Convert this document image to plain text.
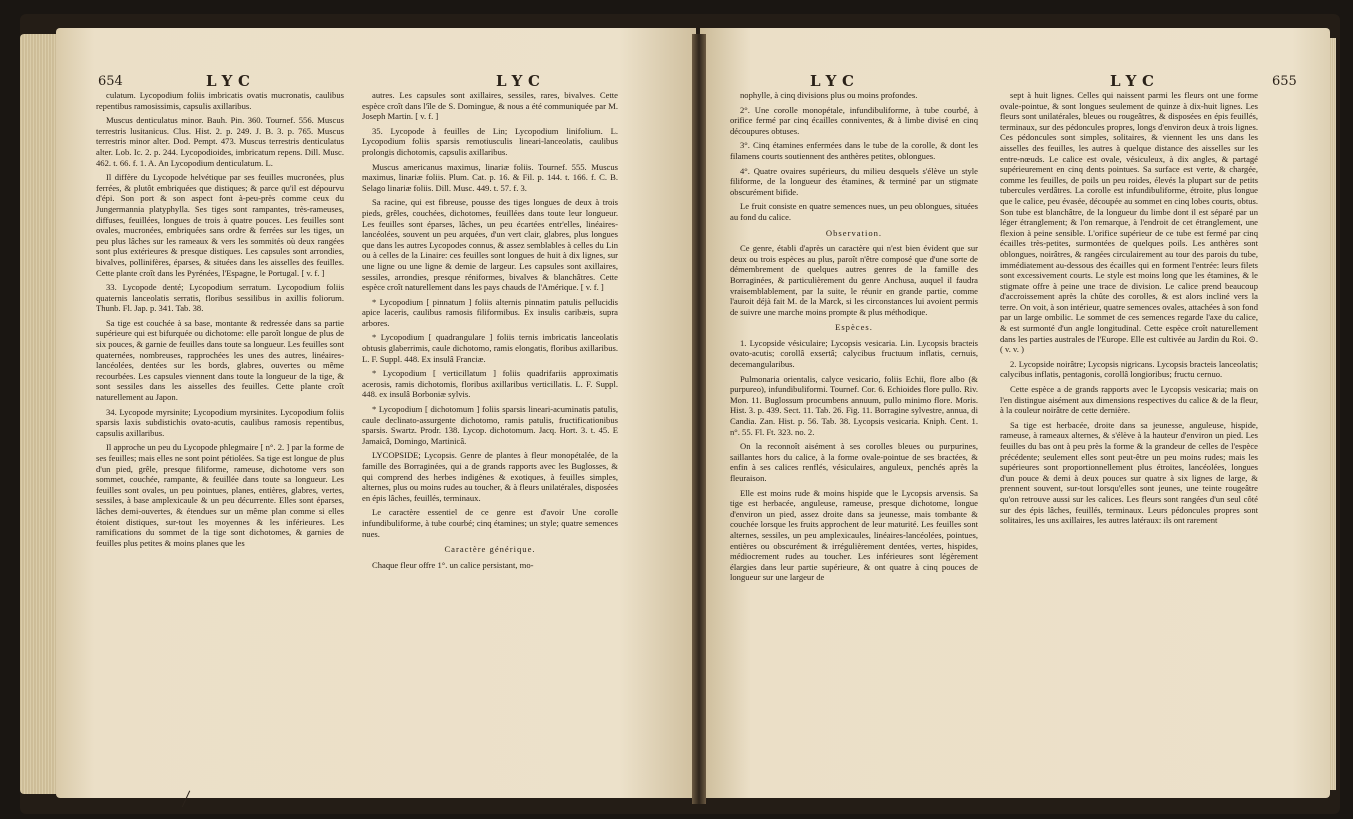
654	LYC	LYC

culatum. Lycopodium foliis imbricatis ovatis mucronatis, caulibus repentibus ramosissimis, capsulis axillaribus.

Muscus denticulatus minor. Bauh. Pin. 360. Tournef. 556. Muscus terrestris lusitanicus. Clus. Hist. 2. p. 249. J. B. 3. p. 765. Muscus terrestris minor alter. Dod. Pempt. 473. Muscus terrestris denticulatus alter. Lob. Ic. 2. p. 244. Lycopodioides, imbricatum repens. Dill. Musc. 462. t. 66. f. 1. A. An Lycopodium denticulatum. L.

Il diffère du Lycopode helvétique par ses feuilles mucronées, plus ferrées, & plutôt embriquées que distiques; & parce qu'il est dépourvu d'épi. Son port & son aspect font à-peu-près comme ceux du Jungermannia platyphylla. Ses tiges sont rampantes, très-rameuses, diffuses, feuillées, longues de trois à quatre pouces. Les feuilles sont ovales, mucronées, embriquées sans ordre & ferrées sur les tiges, un peu plus lâches sur les rameaux & vers les sommités où deux rangées sont plus extérieures & presque distiques. Les capsules sont arrondies, bivalves, pollinifères, éparses, & situées dans les aisselles des feuilles. Cette plante croît dans les Pyrénées, l'Espagne, le Portugal. [ v. f. ]

33. Lycopode denté; Lycopodium serratum. Lycopodium foliis quaternis lanceolatis serratis, floribus sessilibus in axillis foliorum. Thunb. Fl. Jap. p. 341. Tab. 38.

Sa tige est couchée à sa base, montante & redressée dans sa partie supérieure qui est bifurquée ou dichotome: elle paroît longue de plus de six pouces, & garnie de feuilles dans toute sa longueur. Les feuilles sont quaternées, nombreuses, rapprochées les unes des autres, linéaires-lancéolées, dentées sur les bords, glabres, ouvertes ou même recourbées. Les capsules viennent dans toute la longueur de la tige, & sont sessiles dans les aisselles des feuilles. Cette plante croît naturellement au Japon.

34. Lycopode myrsinite; Lycopodium myrsinites. Lycopodium foliis sparsis laxis subdistichis ovato-acutis, caulibus ramosis repentibus, capsulis axillaribus.

Il approche un peu du Lycopode phlegmaire [ n°. 2. ] par la forme de ses feuilles; mais elles ne sont point pétiolées. Sa tige est longue de plus d'un pied, grêle, presque filiforme, rameuse, dichotome vers son sommet, couchée, rampante, & feuillée dans toute sa longueur. Les feuilles sont ovales, un peu pointues, planes, entières, glabres, vertes, sessiles, à base amplexicaule & un peu décurrente. Elles sont éparses, lâches demi-ouvertes, & étendues sur un même plan comme si elles étoient distiques, sur-tout les moyennes & les inférieures. Les ramifications du sommet de la tige sont dichotomes, & garnies de feuilles plus petites & moins planes que les

autres. Les capsules sont axillaires, sessiles, rares, bivalves. Cette espèce croît dans l'île de S. Domingue, & nous a été communiquée par M. Joseph Martin. [ v. f. ]

35. Lycopode à feuilles de Lin; Lycopodium linifolium. L. Lycopodium foliis sparsis remotiusculis lineari-lanceolatis, caulibus prolongis dichotomis, capsulis axillaribus.

Muscus americanus maximus, linariæ foliis. Tournef. 555. Muscus maximus, linariæ foliis. Plum. Cat. p. 16. & Fil. p. 144. t. 166. f. C. B. Selago linariæ foliis. Dill. Musc. 449. t. 57. f. 3.

Sa racine, qui est fibreuse, pousse des tiges longues de deux à trois pieds, grêles, couchées, dichotomes, feuillées dans toute leur longueur. Les feuilles sont éparses, lâches, un peu écartées entr'elles, linéaires-lancéolées, souvent un peu arquées, d'un vert clair, glabres, plus longues que dans les autres Lycopodes connus, & assez semblables à celles du Lin ou à celles de la Linaire: ces feuilles sont longues de huit à dix lignes, sur une ligne ou une ligne & demie de largeur. Les capsules sont axillaires, sessiles, arrondies, presque réniformes, bivalves & blanchâtres. Cette espèce croît naturellement dans les pays chauds de l'Amérique. [ v. f. ]

* Lycopodium [ pinnatum ] foliis alternis pinnatim patulis pellucidis apice laceris, caulibus ramosis filiformibus. Ex insulis caribæis, supra arbores.

* Lycopodium [ quadrangulare ] foliis ternis imbricatis lanceolatis obtusis glaberrimis, caule dichotomo, ramis elongatis, floribus axillaribus. L. F. Suppl. 448. Ex insulâ Franciæ.

* Lycopodium [ verticillatum ] foliis quadrifariis approximatis acerosis, ramis dichotomis, floribus axillaribus verticillatis. L. F. Suppl. 448. ex insulâ Borboniæ sylvis.

* Lycopodium [ dichotomum ] foliis sparsis lineari-acuminatis patulis, caule declinato-assurgente dichotomo, ramis patulis, fructificationibus sparsis. Swartz. Prodr. 138. Lycop. dichotomum. Jacq. Hort. 3. t. 45. E Jamaicâ, Domingo, Martinicâ.

LYCOPSIDE; Lycopsis. Genre de plantes à fleur monopétalée, de la famille des Borraginées, qui a de grands rapports avec les Buglosses, & qui comprend des herbes indigènes & exotiques, à feuilles simples, alternes, plus ou moins rudes au toucher, & à fleurs unilatérales, disposées en épis lâches, feuillés, terminaux.

Le caractère essentiel de ce genre est d'avoir Une corolle infundibuliforme, à tube courbé; cinq étamines; un style; quatre semences nues.

Caractère générique.

Chaque fleur offre 1°. un calice persistant, mo-

LYC	LYC	655

nophylle, à cinq divisions plus ou moins profondes.

2°. Une corolle monopétale, infundibuliforme, à tube courbé, à orifice fermé par cinq écailles conniventes, & à limbe divisé en cinq découpures obtuses.

3°. Cinq étamines enfermées dans le tube de la corolle, & dont les filamens courts soutiennent des anthères petites, oblongues.

4°. Quatre ovaires supérieurs, du milieu desquels s'élève un style filiforme, de la longueur des étamines, & terminé par un stigmate obscurément bifide.

Le fruit consiste en quatre semences nues, un peu oblongues, situées au fond du calice.

Observation.

Ce genre, établi d'après un caractère qui n'est bien évident que sur deux ou trois espèces au plus, paroît n'être composé que d'une sorte de démembrement de quelques autres genres de la famille des Borraginées, & particulièrement du genre Anchusa, auquel il faudra vraisemblablement, par la suite, le réunir en grande partie, comme l'auroit déjà fait M. de la Marck, si les circonstances lui avoient permis de suivre une marche moins prompte & plus méthodique.

Espèces.

1. Lycopside vésiculaire; Lycopsis vesicaria. Lin. Lycopsis bracteis ovato-acutis; corollâ exsertâ; calycibus fructuum inflatis, cernuis, decemangularibus.

Pulmonaria orientalis, calyce vesicario, foliis Echii, flore albo (& purpureo), infundibuliformi. Tournef. Cor. 6. Echioides flore pullo. Riv. Mon. 11. Buglossum procumbens annuum, pullo minimo flore. Moris. Hist. 3. p. 439. Sect. 11. Tab. 26. Fig. 11. Borragine sylvestre, annua, di Candia. Zan. Hist. p. 56. Tab. 38. Lycopsis vesicaria. Kniph. Cent. 1. n°. 55. Fl. Ft. 323. no. 2.

On la reconnoît aisément à ses corolles bleues ou purpurines, saillantes hors du calice, à la forme ovale-pointue de ses bractées, & enfin à ses calices renflés, vésiculaires, anguleux, penchés après la fleuraison.

Elle est moins rude & moins hispide que le Lycopsis arvensis. Sa tige est herbacée, anguleuse, rameuse, presque dichotome, longue d'environ un pied, assez droite dans sa jeunesse, mais tombante & couchée lorsque les fruits approchent de leur maturité. Les feuilles sont alternes, sessiles, un peu amplexicaules, linéaires-lancéolées, pointues, entières ou obscurément & irrégulièrement dentées, vertes, hispides, médiocrement rudes au toucher. Les inférieures sont légèrement élargies dans leur partie supérieure, & ont quatre à cinq pouces de longueur sur une largeur de

sept à huit lignes. Celles qui naissent parmi les fleurs ont une forme ovale-pointue, & sont longues seulement de quinze à dix-huit lignes. Les fleurs sont unilatérales, bleues ou rougeâtres, & disposées en épis feuillés, terminaux, sur des pédoncules propres, longs d'environ deux à trois lignes. Ces pédoncules sont simples, solitaires, & viennent les uns dans les aisselles des feuilles, les autres à quelque distance des aisselles sur les entre-nœuds. Le calice est ovale, vésiculeux, à dix angles, & partagé supérieurement en cinq dents pointues. Sa surface est verte, & chargée, comme les feuilles, de poils un peu roides, élevés la plupart sur de petits tubercules verdâtres. La corolle est infundibuliforme, étroite, plus longue que le calice, peu évasée, découpée au sommet en cinq lobes courts, obtus. Son tube est blanchâtre, de la longueur du limbe dont il est séparé par un léger étranglement; & l'on remarque, à l'endroit de cet étranglement, une flexion à peine sensible. L'orifice supérieur de ce tube est fermé par cinq écailles très-petites, surmontées de quelques poils. Les anthères sont oblongues, noirâtres, & rangées circulairement au tour des parois du tube, immédiatement au-dessous des écailles qui en forment l'entrée: leurs filets sont excessivement courts. Le style est moins long que les étamines, & le stigmate offre à peine une trace de division. Le calice prend beaucoup d'accroissement après la chûte des corolles, & est alors incliné vers la terre. On voit, à son intérieur, quatre semences ovales, attachées à son fond par un large ombilic. Le sommet de ces semences regarde l'axe du calice, & est surmonté d'un angle longitudinal. Cette espèce croît naturellement dans les parties australes de l'Europe. Elle est cultivée au Jardin du Roi. ⊙. ( v. v. )

2. Lycopside noirâtre; Lycopsis nigricans. Lycopsis bracteis lanceolatis; calycibus inflatis, pentagonis, corollâ longioribus; fructu cernuo.

Cette espèce a de grands rapports avec le Lycopsis vesicaria; mais on l'en distingue aisément aux dimensions respectives du calice & de la fleur, à la couleur noirâtre de cette dernière.

Sa tige est herbacée, droite dans sa jeunesse, anguleuse, hispide, rameuse, à rameaux alternes, & s'élève à la hauteur d'environ un pied. Les feuilles du bas ont à peu près la forme & la grandeur de celles de l'espèce précédente; seulement elles sont peut-être un peu moins rudes; mais les supérieures sont proportionnellement plus étroites, lancéolées, longues d'un pouce & demi à deux pouces sur quatre à six lignes de large, & prennent souvent, sur-tout lorsqu'elles sont jeunes, une teinte rougeâtre qu'on retrouve aussi sur les calices. Les fleurs sont rangées d'un seul côté sur des épis lâches, feuillés, terminaux. Leurs pédoncules propres sont solitaires, les uns axillaires, les autres latéraux: ils ont rarement
